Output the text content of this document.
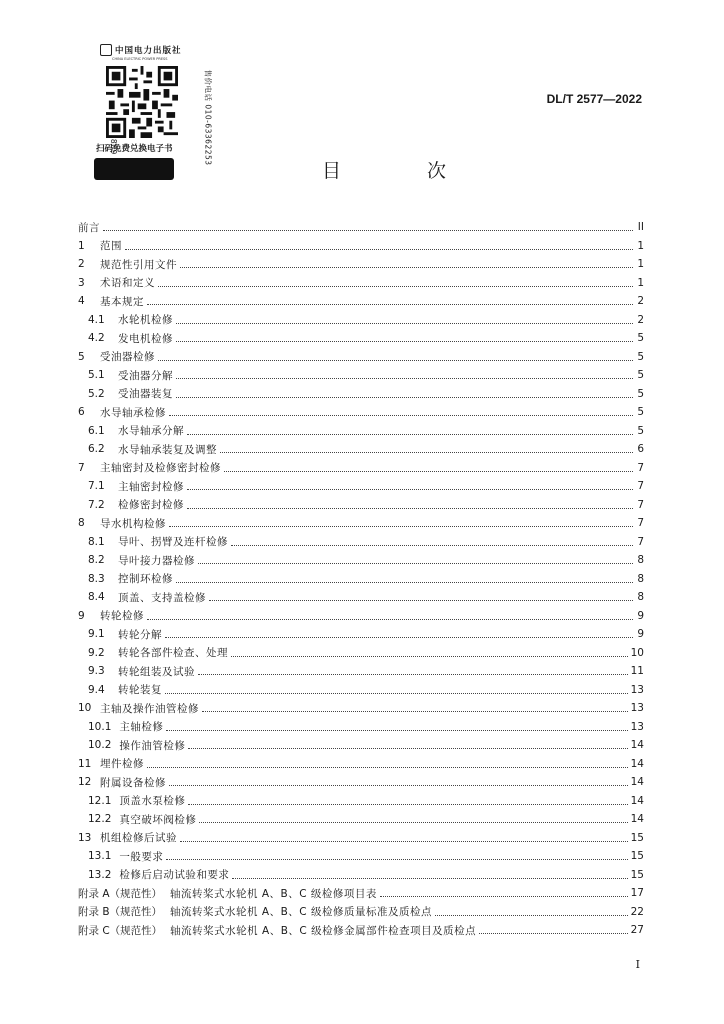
中国电力出版社
CHINA ELECTRIC POWER PRESS
售价电话 010-63362253
扫码免费兑换电子书
DL/T 2577—2022
目 次
前言	II
1	范围	1
2	规范性引用文件	1
3	术语和定义	1
4	基本规定	2
4.1	水轮机检修	2
4.2	发电机检修	5
5	受油器检修	5
5.1	受油器分解	5
5.2	受油器装复	5
6	水导轴承检修	5
6.1	水导轴承分解	5
6.2	水导轴承装复及调整	6
7	主轴密封及检修密封检修	7
7.1	主轴密封检修	7
7.2	检修密封检修	7
8	导水机构检修	7
8.1	导叶、拐臂及连杆检修	7
8.2	导叶接力器检修	8
8.3	控制环检修	8
8.4	顶盖、支持盖检修	8
9	转轮检修	9
9.1	转轮分解	9
9.2	转轮各部件检查、处理	10
9.3	转轮组装及试验	11
9.4	转轮装复	13
10 主轴及操作油管检修	13
10.1 主轴检修	13
10.2 操作油管检修	14
11 埋件检修	14
12 附属设备检修	14
12.1 顶盖水泵检修	14
12.2 真空破坏阀检修	14
13 机组检修后试验	15
13.1 一般要求	15
13.2 检修后启动试验和要求	15
附录 A（规范性） 轴流转桨式水轮机 A、B、C 级检修项目表	17
附录 B（规范性） 轴流转桨式水轮机 A、B、C 级检修质量标准及质检点	22
附录 C（规范性） 轴流转桨式水轮机 A、B、C 级检修金属部件检查项目及质检点	27
I
